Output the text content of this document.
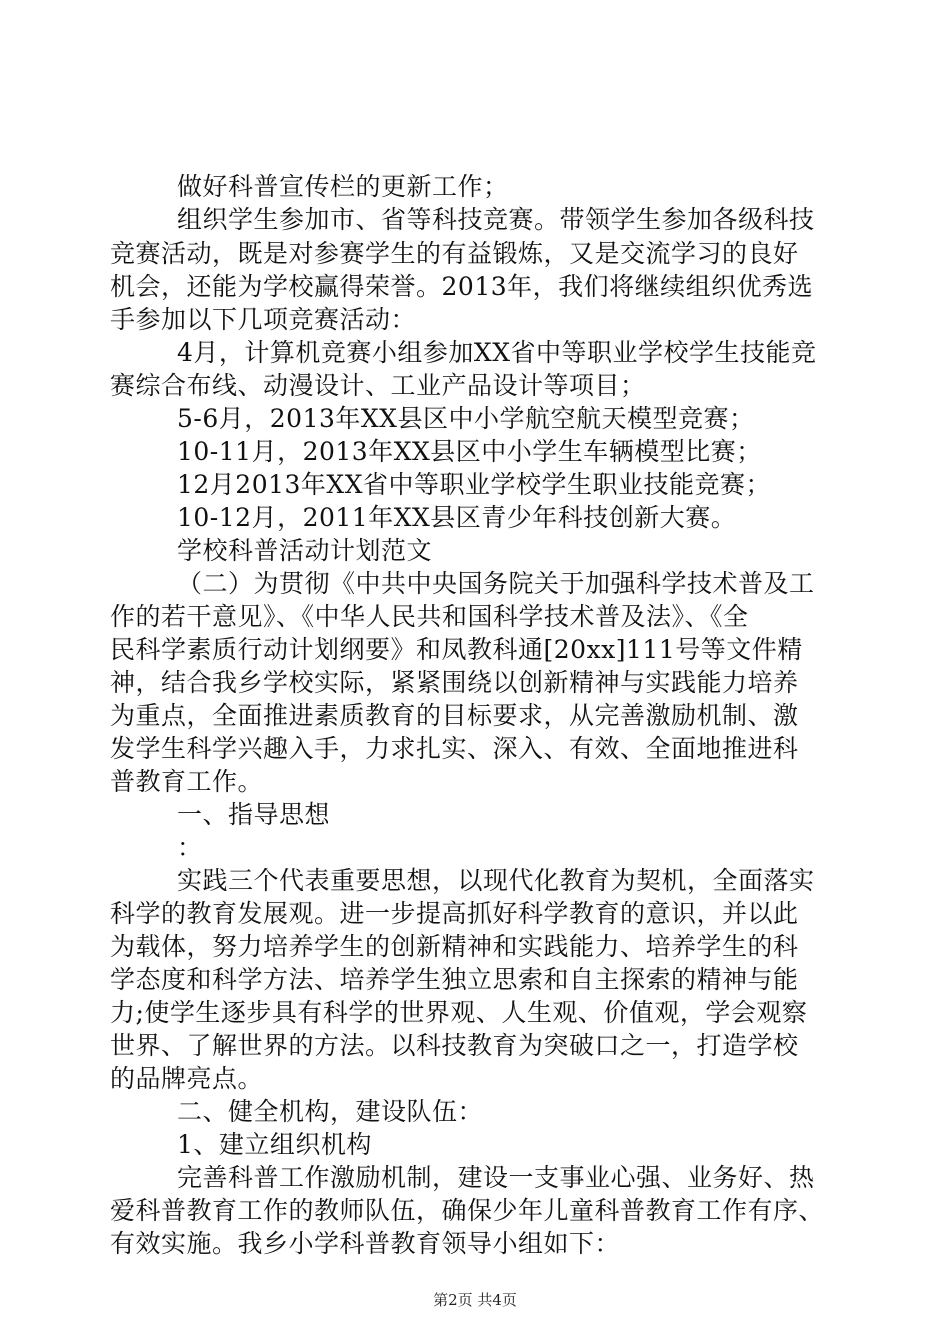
做好科普宣传栏的更新工作；
组织学生参加市、省等科技竞赛。带领学生参加各级科技
竞赛活动，既是对参赛学生的有益锻炼，又是交流学习的良好
机会，还能为学校赢得荣誉。2013年，我们将继续组织优秀选
手参加以下几项竞赛活动：
4月，计算机竞赛小组参加XX省中等职业学校学生技能竞
赛综合布线、动漫设计、工业产品设计等项目；
5-6月，2013年XX县区中小学航空航天模型竞赛；
10-11月，2013年XX县区中小学生车辆模型比赛；
12月2013年XX省中等职业学校学生职业技能竞赛；
10-12月，2011年XX县区青少年科技创新大赛。
学校科普活动计划范文
（二）为贯彻《中共中央国务院关于加强科学技术普及工
作的若干意见》、《中华人民共和国科学技术普及法》、《全
民科学素质行动计划纲要》和凤教科通[20xx]111号等文件精
神，结合我乡学校实际，紧紧围绕以创新精神与实践能力培养
为重点，全面推进素质教育的目标要求，从完善激励机制、激
发学生科学兴趣入手，力求扎实、深入、有效、全面地推进科
普教育工作。
一、指导思想
：
实践三个代表重要思想，以现代化教育为契机，全面落实
科学的教育发展观。进一步提高抓好科学教育的意识，并以此
为载体，努力培养学生的创新精神和实践能力、培养学生的科
学态度和科学方法、培养学生独立思索和自主探索的精神与能
力;使学生逐步具有科学的世界观、人生观、价值观，学会观察
世界、了解世界的方法。以科技教育为突破口之一，打造学校
的品牌亮点。
二、健全机构，建设队伍：
1、建立组织机构
完善科普工作激励机制，建设一支事业心强、业务好、热
爱科普教育工作的教师队伍，确保少年儿童科普教育工作有序、
有效实施。我乡小学科普教育领导小组如下：
第2页 共4页
